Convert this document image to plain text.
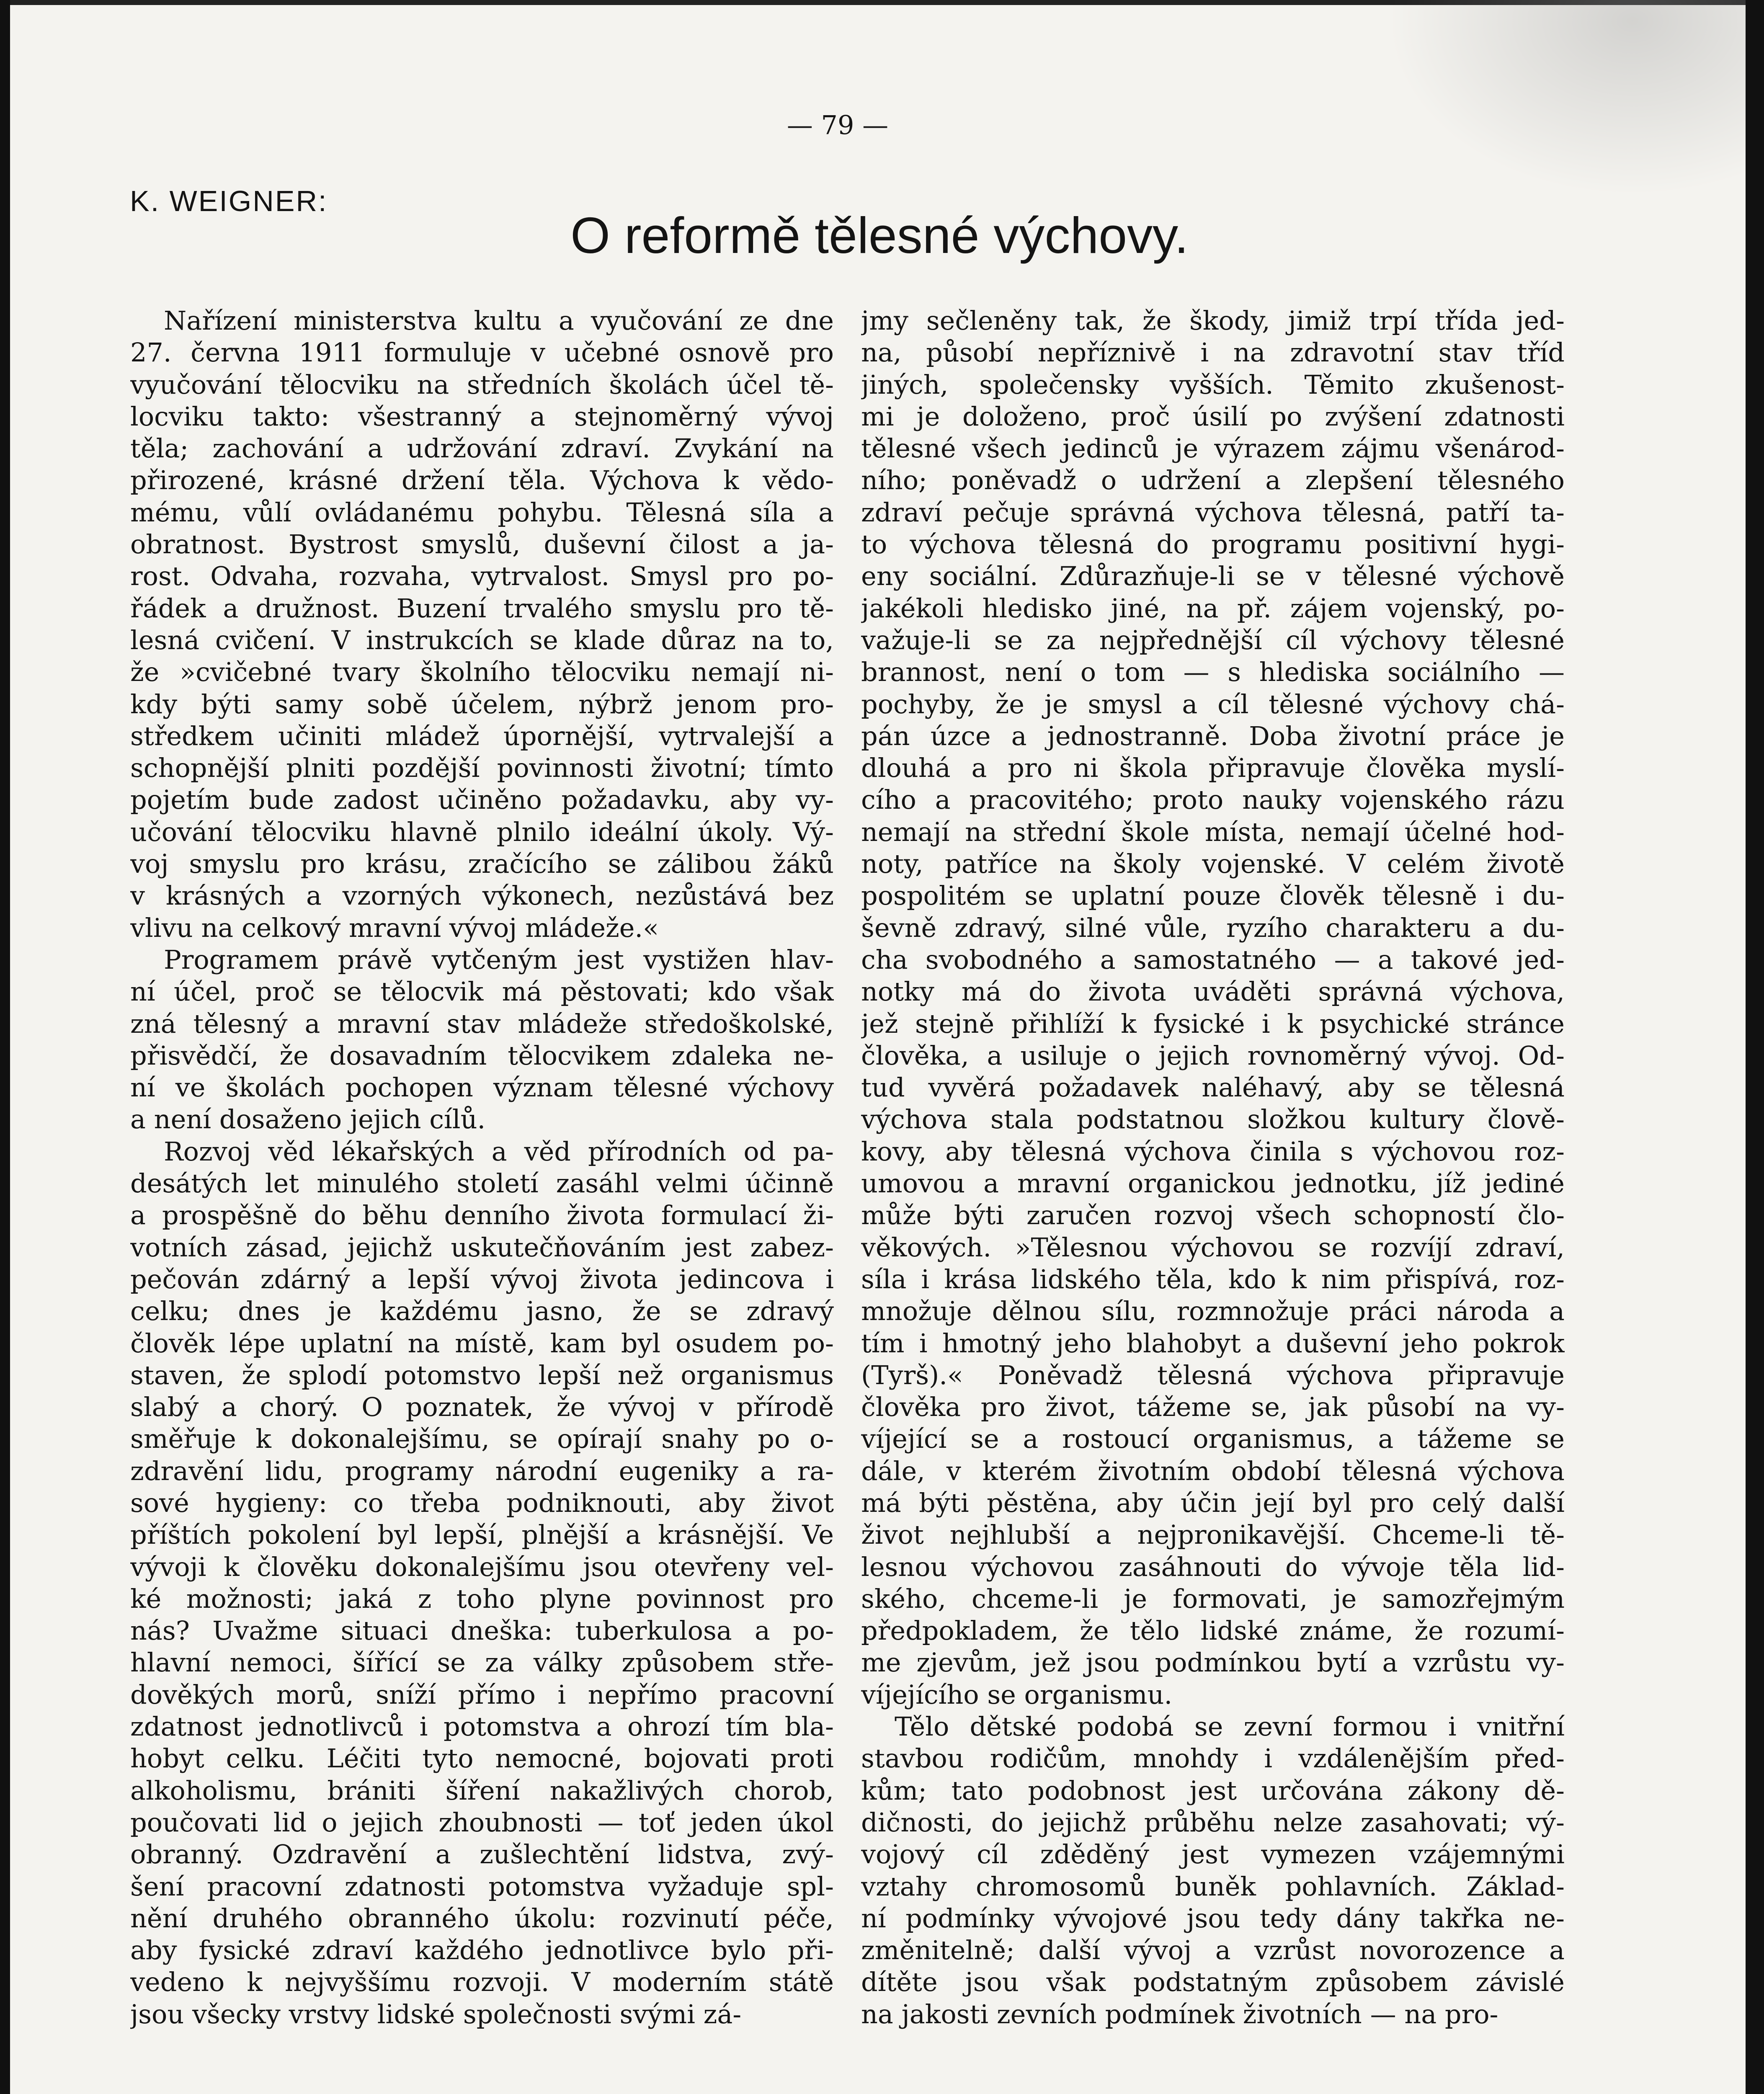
— 79 —
K. WEIGNER:
O reformě tělesné výchovy.
Nařízení ministerstva kultu a vyučování ze dne
27. června 1911 formuluje v učebné osnově pro
vyučování tělocviku na středních školách účel tě-
locviku takto: všestranný a stejnoměrný vývoj
těla; zachování a udržování zdraví. Zvykání na
přirozené, krásné držení těla. Výchova k vědo-
mému, vůlí ovládanému pohybu. Tělesná síla a
obratnost. Bystrost smyslů, duševní čilost a ja-
rost. Odvaha, rozvaha, vytrvalost. Smysl pro po-
řádek a družnost. Buzení trvalého smyslu pro tě-
lesná cvičení. V instrukcích se klade důraz na to,
že »cvičebné tvary školního tělocviku nemají ni-
kdy býti samy sobě účelem, nýbrž jenom pro-
středkem učiniti mládež úpornější, vytrvalejší a
schopnější plniti pozdější povinnosti životní; tímto
pojetím bude zadost učiněno požadavku, aby vy-
učování tělocviku hlavně plnilo ideální úkoly. Vý-
voj smyslu pro krásu, zračícího se zálibou žáků
v krásných a vzorných výkonech, nezůstává bez
vlivu na celkový mravní vývoj mládeže.«
Programem právě vytčeným jest vystižen hlav-
ní účel, proč se tělocvik má pěstovati; kdo však
zná tělesný a mravní stav mládeže středoškolské,
přisvědčí, že dosavadním tělocvikem zdaleka ne-
ní ve školách pochopen význam tělesné výchovy
a není dosaženo jejich cílů.
Rozvoj věd lékařských a věd přírodních od pa-
desátých let minulého století zasáhl velmi účinně
a prospěšně do běhu denního života formulací ži-
votních zásad, jejichž uskutečňováním jest zabez-
pečován zdárný a lepší vývoj života jedincova i
celku; dnes je každému jasno, že se zdravý
člověk lépe uplatní na místě, kam byl osudem po-
staven, že splodí potomstvo lepší než organismus
slabý a chorý. O poznatek, že vývoj v přírodě
směřuje k dokonalejšímu, se opírají snahy po o-
zdravění lidu, programy národní eugeniky a ra-
sové hygieny: co třeba podniknouti, aby život
příštích pokolení byl lepší, plnější a krásnější. Ve
vývoji k člověku dokonalejšímu jsou otevřeny vel-
ké možnosti; jaká z toho plyne povinnost pro
nás? Uvažme situaci dneška: tuberkulosa a po-
hlavní nemoci, šířící se za války způsobem stře-
dověkých morů, sníží přímo i nepřímo pracovní
zdatnost jednotlivců i potomstva a ohrozí tím bla-
hobyt celku. Léčiti tyto nemocné, bojovati proti
alkoholismu, brániti šíření nakažlivých chorob,
poučovati lid o jejich zhoubnosti — toť jeden úkol
obranný. Ozdravění a zušlechtění lidstva, zvý-
šení pracovní zdatnosti potomstva vyžaduje spl-
nění druhého obranného úkolu: rozvinutí péče,
aby fysické zdraví každého jednotlivce bylo při-
vedeno k nejvyššímu rozvoji. V moderním státě
jsou všecky vrstvy lidské společnosti svými zá-
jmy sečleněny tak, že škody, jimiž trpí třída jed-
na, působí nepříznivě i na zdravotní stav tříd
jiných, společensky vyšších. Těmito zkušenost-
mi je doloženo, proč úsilí po zvýšení zdatnosti
tělesné všech jedinců je výrazem zájmu všenárod-
ního; poněvadž o udržení a zlepšení tělesného
zdraví pečuje správná výchova tělesná, patří ta-
to výchova tělesná do programu positivní hygi-
eny sociální. Zdůrazňuje-li se v tělesné výchově
jakékoli hledisko jiné, na př. zájem vojenský, po-
važuje-li se za nejpřednější cíl výchovy tělesné
brannost, není o tom — s hlediska sociálního —
pochyby, že je smysl a cíl tělesné výchovy chá-
pán úzce a jednostranně. Doba životní práce je
dlouhá a pro ni škola připravuje člověka myslí-
cího a pracovitého; proto nauky vojenského rázu
nemají na střední škole místa, nemají účelné hod-
noty, patříce na školy vojenské. V celém životě
pospolitém se uplatní pouze člověk tělesně i du-
ševně zdravý, silné vůle, ryzího charakteru a du-
cha svobodného a samostatného — a takové jed-
notky má do života uváděti správná výchova,
jež stejně přihlíží k fysické i k psychické stránce
člověka, a usiluje o jejich rovnoměrný vývoj. Od-
tud vyvěrá požadavek naléhavý, aby se tělesná
výchova stala podstatnou složkou kultury člově-
kovy, aby tělesná výchova činila s výchovou roz-
umovou a mravní organickou jednotku, jíž jediné
může býti zaručen rozvoj všech schopností člo-
věkových. »Tělesnou výchovou se rozvíjí zdraví,
síla i krása lidského těla, kdo k nim přispívá, roz-
množuje dělnou sílu, rozmnožuje práci národa a
tím i hmotný jeho blahobyt a duševní jeho pokrok
(Tyrš).« Poněvadž tělesná výchova připravuje
člověka pro život, tážeme se, jak působí na vy-
víjející se a rostoucí organismus, a tážeme se
dále, v kterém životním období tělesná výchova
má býti pěstěna, aby účin její byl pro celý další
život nejhlubší a nejpronikavější. Chceme-li tě-
lesnou výchovou zasáhnouti do vývoje těla lid-
ského, chceme-li je formovati, je samozřejmým
předpokladem, že tělo lidské známe, že rozumí-
me zjevům, jež jsou podmínkou bytí a vzrůstu vy-
víjejícího se organismu.
Tělo dětské podobá se zevní formou i vnitřní
stavbou rodičům, mnohdy i vzdálenějším před-
kům; tato podobnost jest určována zákony dě-
dičnosti, do jejichž průběhu nelze zasahovati; vý-
vojový cíl zděděný jest vymezen vzájemnými
vztahy chromosomů buněk pohlavních. Základ-
ní podmínky vývojové jsou tedy dány takřka ne-
změnitelně; další vývoj a vzrůst novorozence a
dítěte jsou však podstatným způsobem závislé
na jakosti zevních podmínek životních — na pro-
